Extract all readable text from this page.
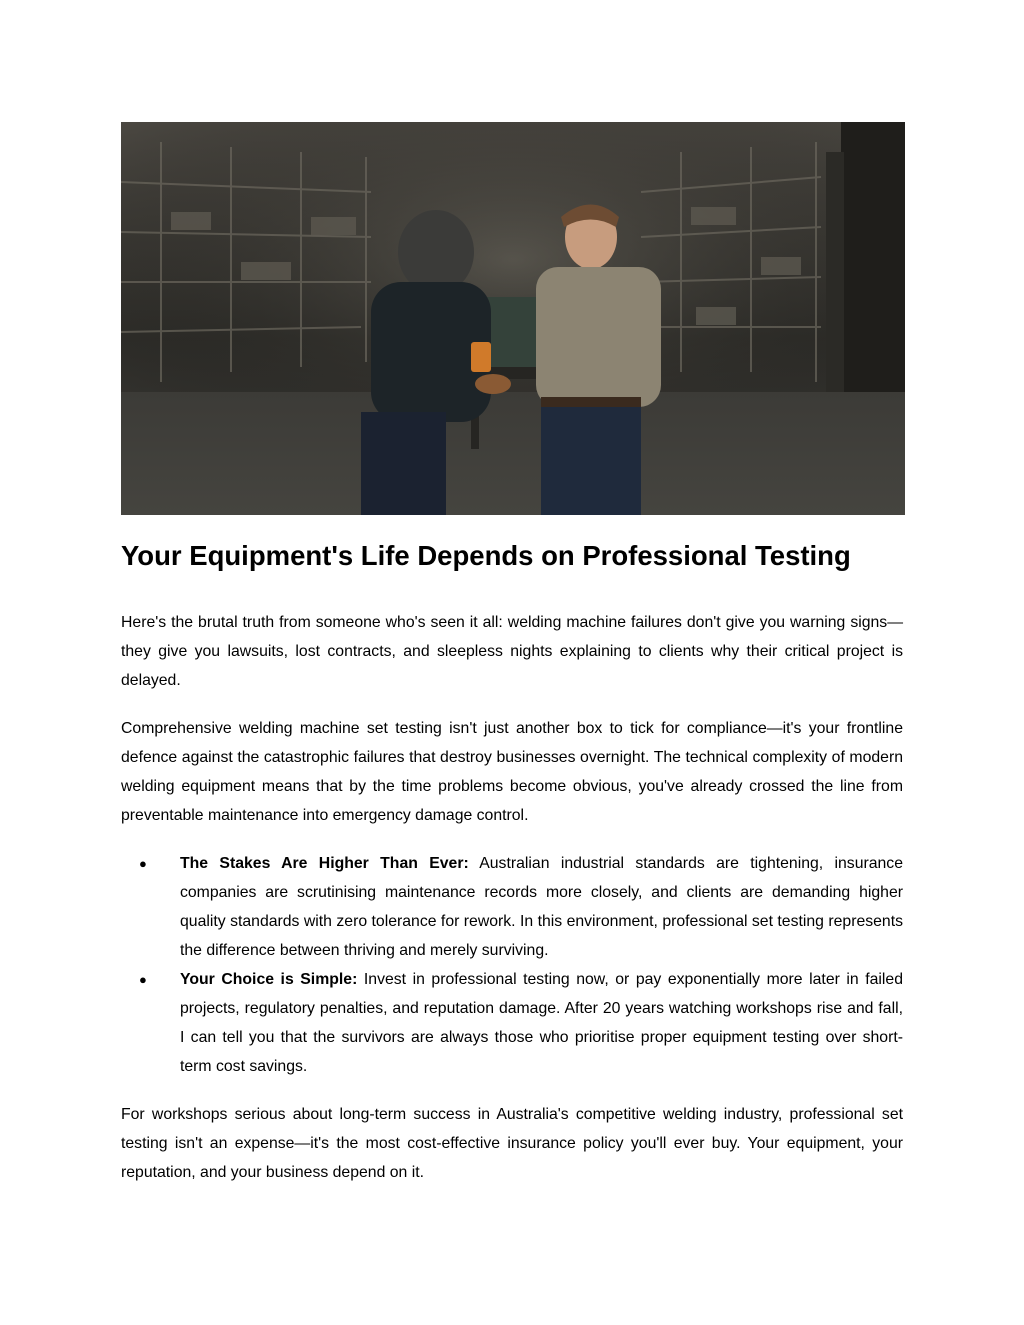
Your Equipment's Life Depends on Professional Testing

Here's the brutal truth from someone who's seen it all: welding machine failures don't give you warning signs—they give you lawsuits, lost contracts, and sleepless nights explaining to clients why their critical project is delayed.

Comprehensive welding machine set testing isn't just another box to tick for compliance—it's your frontline defence against the catastrophic failures that destroy businesses overnight. The technical complexity of modern welding equipment means that by the time problems become obvious, you've already crossed the line from preventable maintenance into emergency damage control.

● The Stakes Are Higher Than Ever: Australian industrial standards are tightening, insurance companies are scrutinising maintenance records more closely, and clients are demanding higher quality standards with zero tolerance for rework. In this environment, professional set testing represents the difference between thriving and merely surviving.
● Your Choice is Simple: Invest in professional testing now, or pay exponentially more later in failed projects, regulatory penalties, and reputation damage. After 20 years watching workshops rise and fall, I can tell you that the survivors are always those who prioritise proper equipment testing over short-term cost savings.

For workshops serious about long-term success in Australia's competitive welding industry, professional set testing isn't an expense—it's the most cost-effective insurance policy you'll ever buy. Your equipment, your reputation, and your business depend on it.
